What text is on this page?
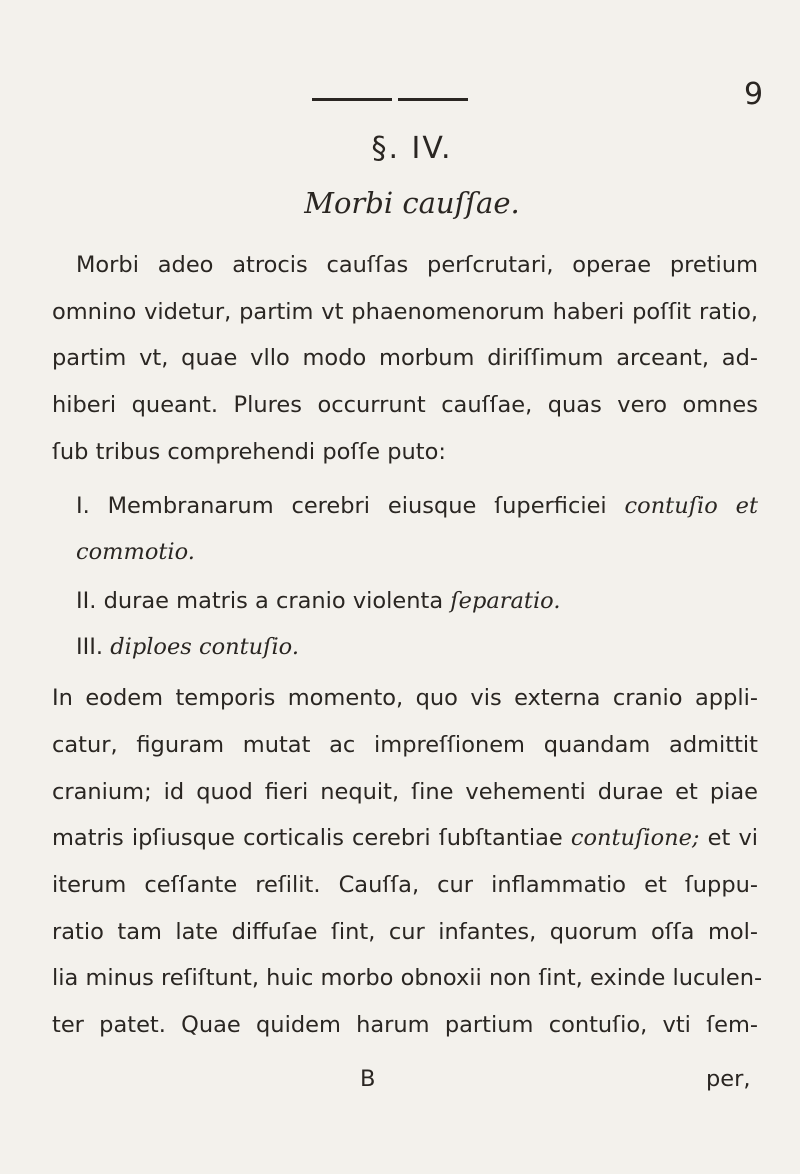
9
§. IV.
Morbi cauſſae.
Morbi adeo atrocis cauſſas perſcrutari, operae pretium
omnino videtur, partim vt phaenomenorum haberi poſſit ratio,
partim vt, quae vllo modo morbum diriſſimum arceant, ad-
hiberi queant. Plures occurrunt cauſſae, quas vero omnes
ſub tribus comprehendi poſſe puto:
I. Membranarum cerebri eiusque ſuperficiei contuſio et
commotio.
II. durae matris a cranio violenta ſeparatio.
III. diploes contuſio.
In eodem temporis momento, quo vis externa cranio appli-
catur, figuram mutat ac impreſſionem quandam admittit
cranium; id quod fieri nequit, ſine vehementi durae et piae
matris ipſiusque corticalis cerebri ſubſtantiae contuſione; et vi
iterum ceſſante reſilit. Cauſſa, cur inflammatio et ſuppu-
ratio tam late diffuſae ſint, cur infantes, quorum oſſa mol-
lia minus reſiſtunt, huic morbo obnoxii non ſint, exinde luculen-
ter patet. Quae quidem harum partium contuſio, vti ſem-
B	per,
